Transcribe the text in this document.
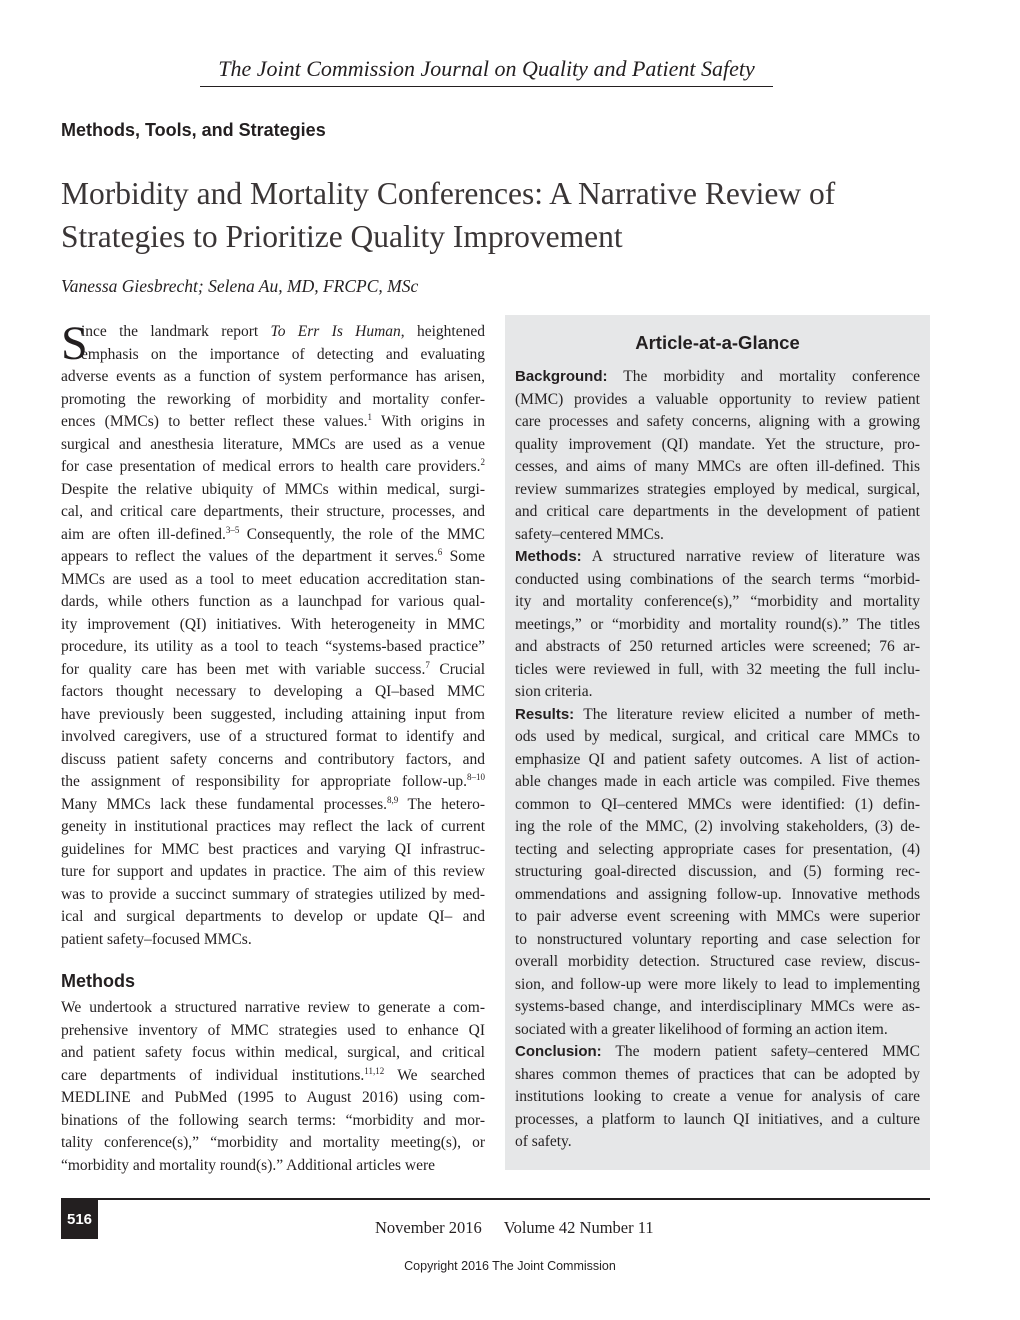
The Joint Commission Journal on Quality and Patient Safety
Methods, Tools, and Strategies
Morbidity and Mortality Conferences: A Narrative Review of
Strategies to Prioritize Quality Improvement
Vanessa Giesbrecht; Selena Au, MD, FRCPC, MSc
S
ince the landmark report To Err Is Human, heightened
emphasis on the importance of detecting and evaluating
adverse events as a function of system performance has arisen,
promoting the reworking of morbidity and mortality confer-
ences (MMCs) to better reflect these values.$^1$ With origins in
surgical and anesthesia literature, MMCs are used as a venue
for case presentation of medical errors to health care providers.$^2$
Despite the relative ubiquity of MMCs within medical, surgi-
cal, and critical care departments, their structure, processes, and
aim are often ill-defined.$^{3-5}$ Consequently, the role of the MMC
appears to reflect the values of the department it serves.$^6$ Some
MMCs are used as a tool to meet education accreditation stan-
dards, while others function as a launchpad for various qual-
ity improvement (QI) initiatives. With heterogeneity in MMC
procedure, its utility as a tool to teach “systems-based practice”
for quality care has been met with variable success.$^7$ Crucial
factors thought necessary to developing a QI–based MMC
have previously been suggested, including attaining input from
involved caregivers, use of a structured format to identify and
discuss patient safety concerns and contributory factors, and
the assignment of responsibility for appropriate follow-up.$^{8-10}$
Many MMCs lack these fundamental processes.$^{8,9}$ The hetero-
geneity in institutional practices may reflect the lack of current
guidelines for MMC best practices and varying QI infrastruc-
ture for support and updates in practice. The aim of this review
was to provide a succinct summary of strategies utilized by med-
ical and surgical departments to develop or update QI– and
patient safety–focused MMCs.
Methods
We undertook a structured narrative review to generate a com-
prehensive inventory of MMC strategies used to enhance QI
and patient safety focus within medical, surgical, and critical
care departments of individual institutions.$^{11,12}$ We searched
MEDLINE and PubMed (1995 to August 2016) using com-
binations of the following search terms: “morbidity and mor-
tality conference(s),” “morbidity and mortality meeting(s), or
“morbidity and mortality round(s).” Additional articles were
Article-at-a-Glance
Background: The morbidity and mortality conference
(MMC) provides a valuable opportunity to review patient
care processes and safety concerns, aligning with a growing
quality improvement (QI) mandate. Yet the structure, pro-
cesses, and aims of many MMCs are often ill-defined. This
review summarizes strategies employed by medical, surgical,
and critical care departments in the development of patient
safety–centered MMCs.
Methods: A structured narrative review of literature was
conducted using combinations of the search terms “morbid-
ity and mortality conference(s),” “morbidity and mortality
meetings,” or “morbidity and mortality round(s).” The titles
and abstracts of 250 returned articles were screened; 76 ar-
ticles were reviewed in full, with 32 meeting the full inclu-
sion criteria.
Results: The literature review elicited a number of meth-
ods used by medical, surgical, and critical care MMCs to
emphasize QI and patient safety outcomes. A list of action-
able changes made in each article was compiled. Five themes
common to QI–centered MMCs were identified: (1) defin-
ing the role of the MMC, (2) involving stakeholders, (3) de-
tecting and selecting appropriate cases for presentation, (4)
structuring goal-directed discussion, and (5) forming rec-
ommendations and assigning follow-up. Innovative methods
to pair adverse event screening with MMCs were superior
to nonstructured voluntary reporting and case selection for
overall morbidity detection. Structured case review, discus-
sion, and follow-up were more likely to lead to implementing
systems-based change, and interdisciplinary MMCs were as-
sociated with a greater likelihood of forming an action item.
Conclusion: The modern patient safety–centered MMC
shares common themes of practices that can be adopted by
institutions looking to create a venue for analysis of care
processes, a platform to launch QI initiatives, and a culture
of safety.
516	November 2016 Volume 42 Number 11
Copyright 2016 The Joint Commission
